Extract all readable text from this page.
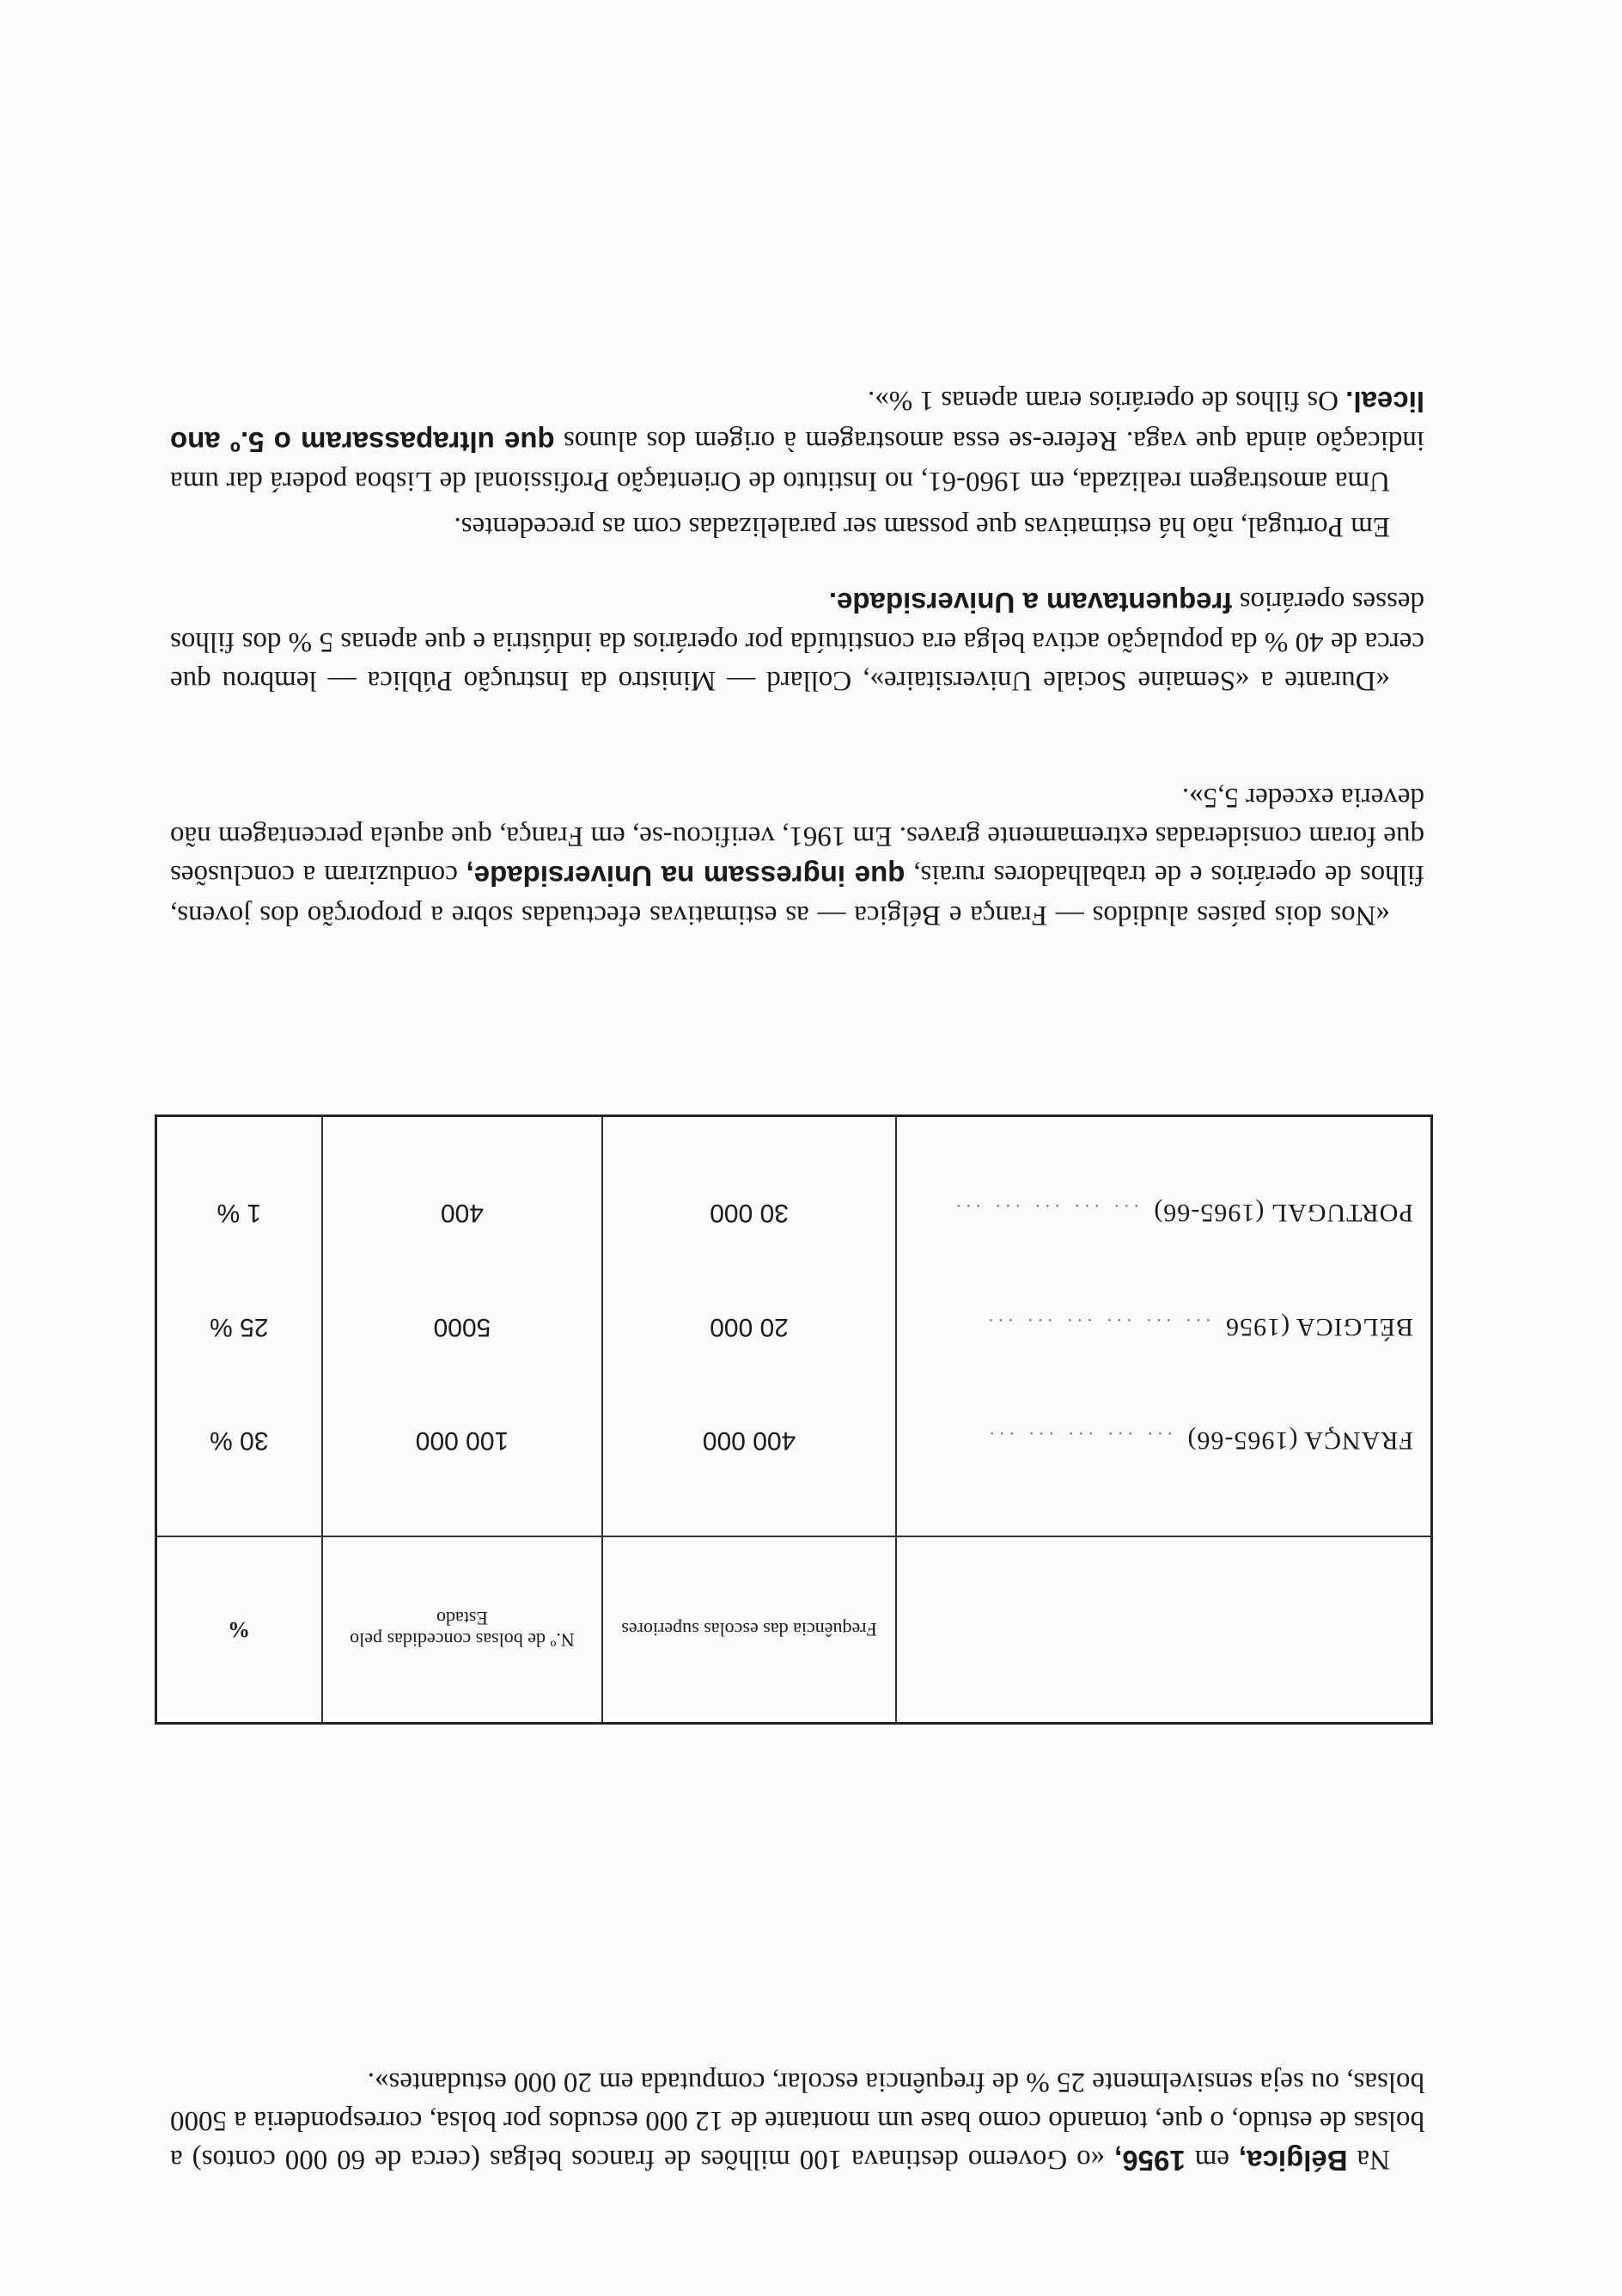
Na Bélgica, em 1956, «o Governo destinava 100 milhões de francos belgas (cerca de 60 000 contos) a bolsas de estudo, o que, tomando como base um montante de 12 000 escudos por bolsa, corresponderia a 5000 bolsas, ou seja sensivelmente 25 % de frequência escolar, computada em 20 000 estudantes».

	Frequência das escolas superiores	N.º de bolsas concedidas pelo Estado	%

FRANÇA (1965-66)  ... ... ... ... ...	400 000	100 000	30 %
BÉLGICA (1956  ... ... ... ... ... ...	20 000	5000	25 %
PORTUGAL (1965-66)  ... ... ... ... ...	30 000	400	1 %

«Nos dois países aludidos — França e Bélgica — as estimativas efectuadas sobre a proporção dos jovens, filhos de operários e de trabalhadores rurais, que ingressam na Universidade, conduziram a conclusões que foram consideradas extremamente graves. Em 1961, verificou-se, em França, que aquela percentagem não deveria exceder 5,5».

«Durante a «Semaine Sociale Universitaire», Collard — Ministro da Instrução Pública — lembrou que cerca de 40 % da população activa belga era constituída por operários da indústria e que apenas 5 % dos filhos desses operários frequentavam a Universidade.

Em Portugal, não há estimativas que possam ser paralelizadas com as precedentes.

Uma amostragem realizada, em 1960-61, no Instituto de Orientação Profissional de Lisboa poderá dar uma indicação ainda que vaga. Refere-se essa amostragem à origem dos alunos que ultrapassaram o 5.º ano liceal. Os filhos de operários eram apenas 1 %».
